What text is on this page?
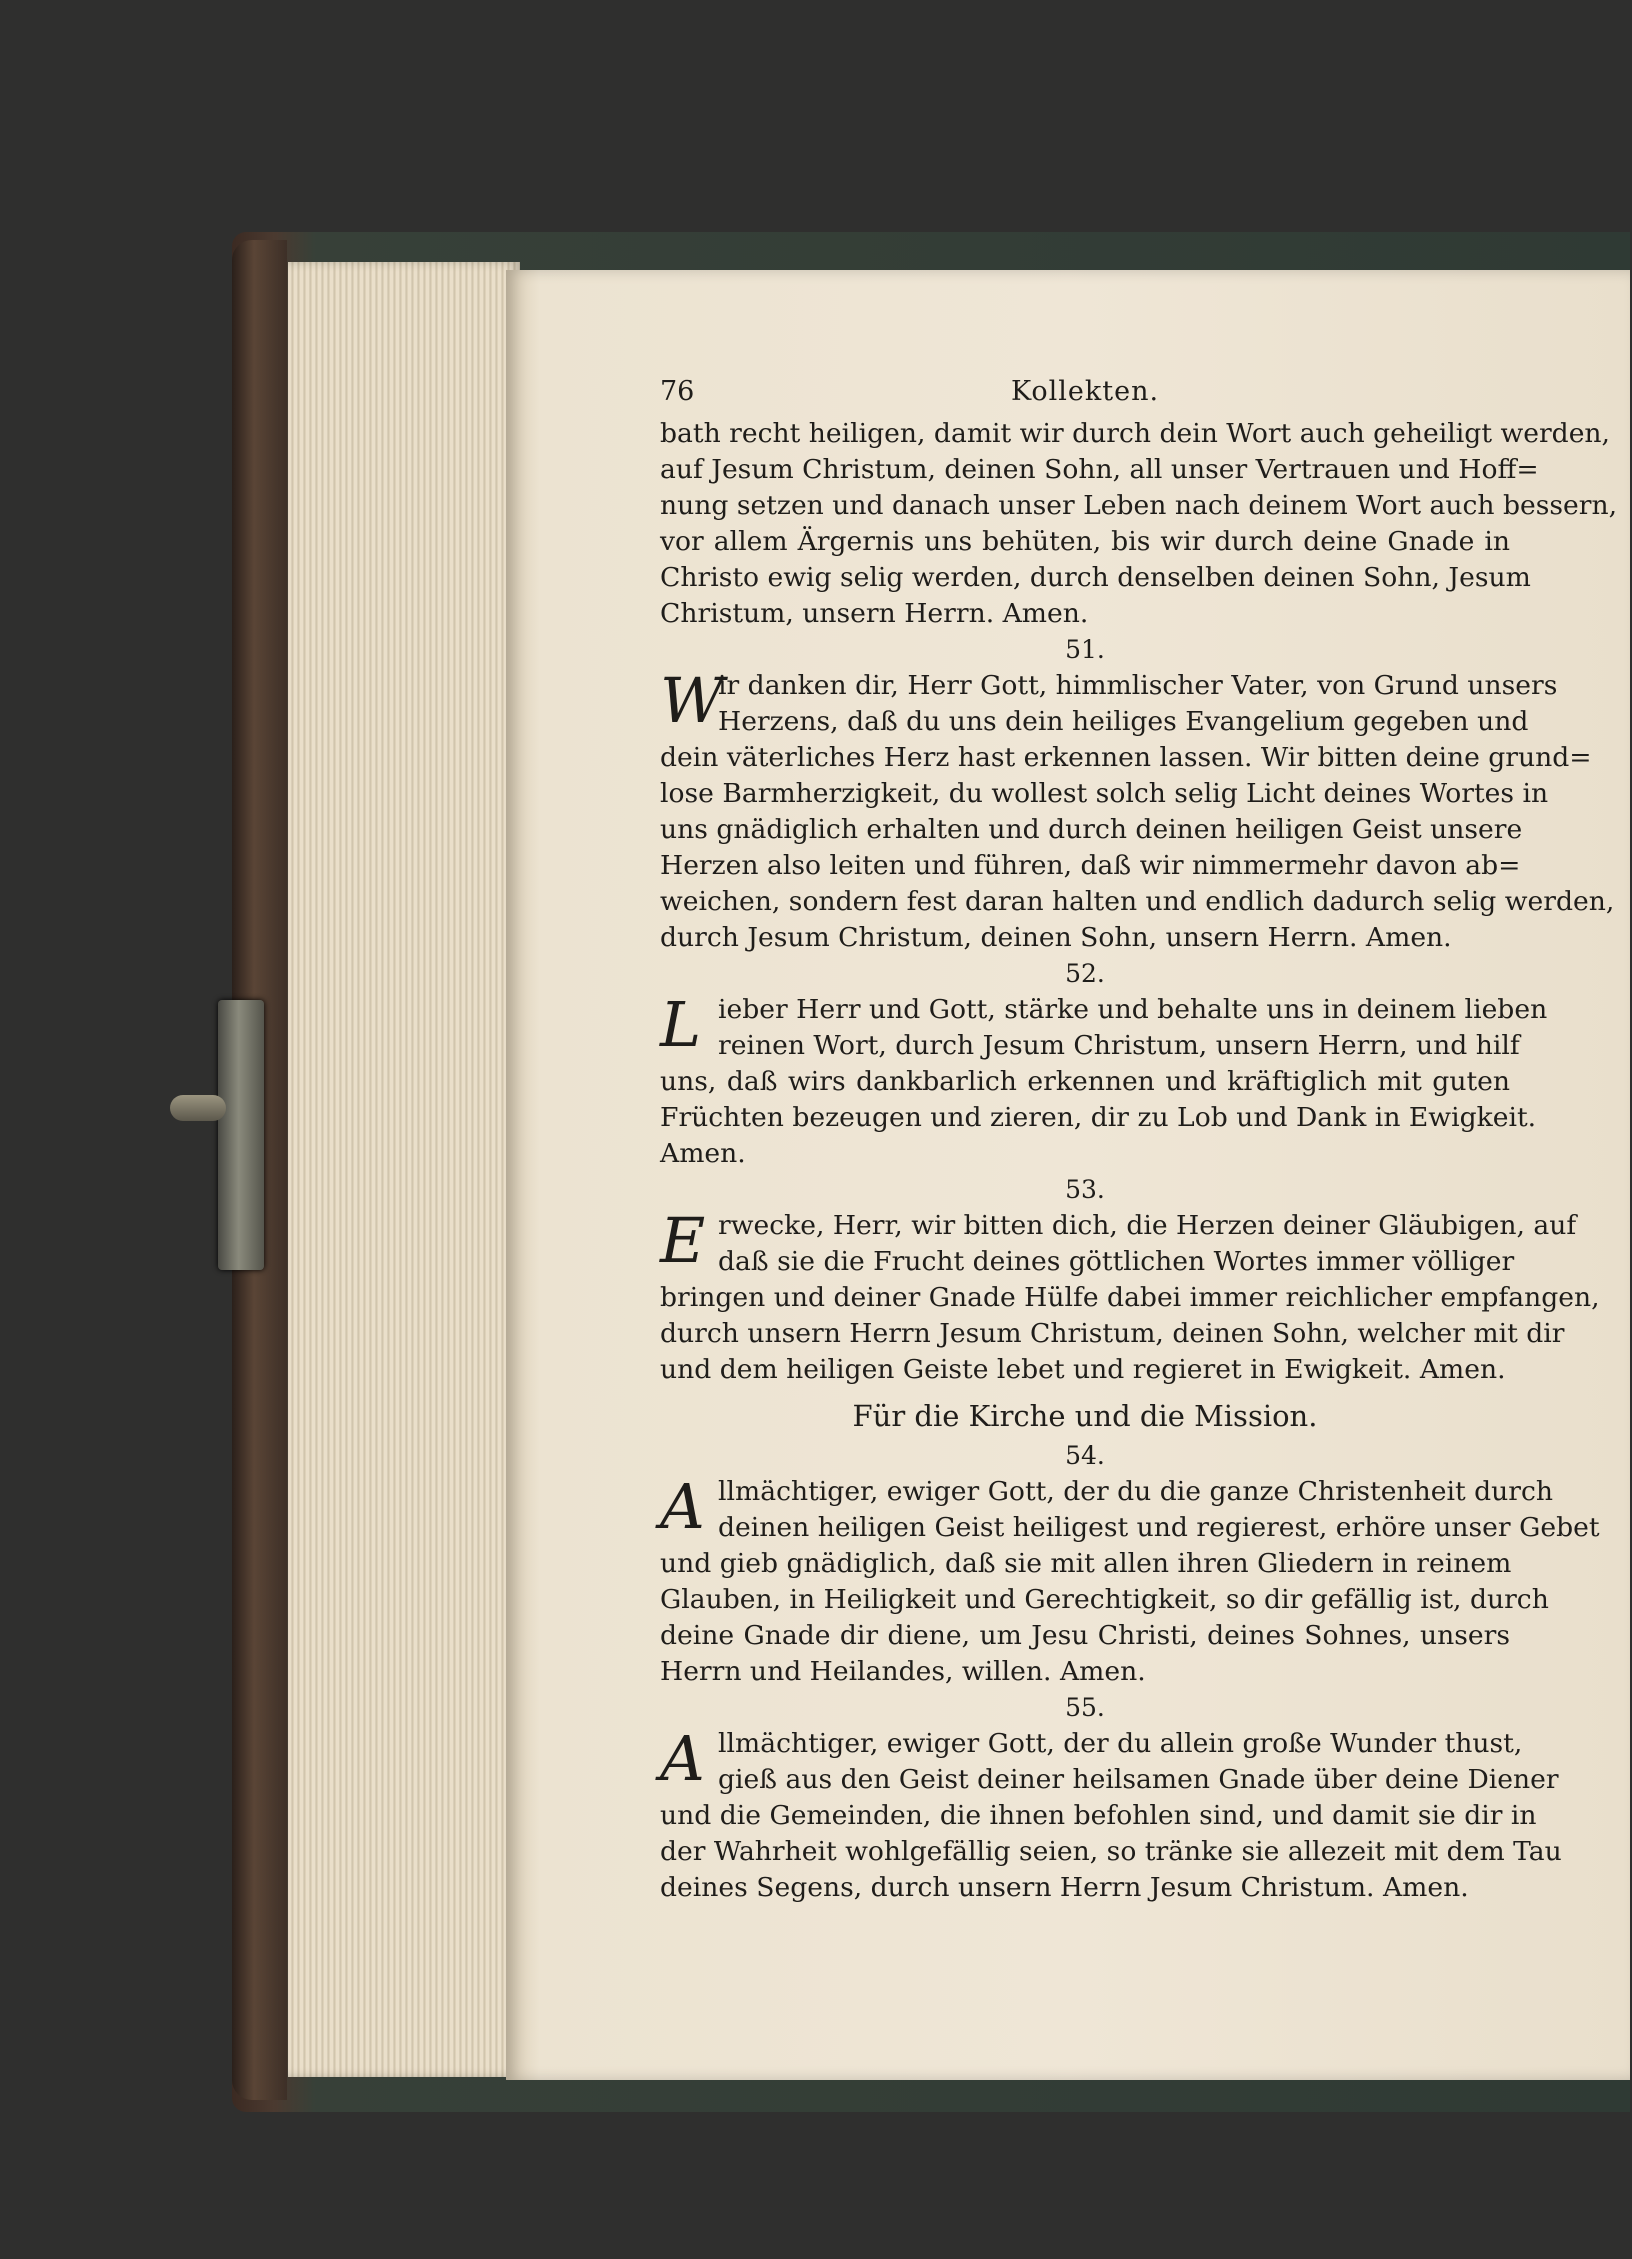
76	Kollekten.
bath recht heiligen, damit wir durch dein Wort auch geheiligt werden,
auf Jesum Christum, deinen Sohn, all unser Vertrauen und Hoff=
nung setzen und danach unser Leben nach deinem Wort auch bessern,
vor allem Ärgernis uns behüten, bis wir durch deine Gnade in
Christo ewig selig werden, durch denselben deinen Sohn, Jesum
Christum, unsern Herrn. Amen.
51.
W
ir danken dir, Herr Gott, himmlischer Vater, von Grund unsers
Herzens, daß du uns dein heiliges Evangelium gegeben und
dein väterliches Herz hast erkennen lassen. Wir bitten deine grund=
lose Barmherzigkeit, du wollest solch selig Licht deines Wortes in
uns gnädiglich erhalten und durch deinen heiligen Geist unsere
Herzen also leiten und führen, daß wir nimmermehr davon ab=
weichen, sondern fest daran halten und endlich dadurch selig werden,
durch Jesum Christum, deinen Sohn, unsern Herrn. Amen.
52.
L ieber Herr und Gott, stärke und behalte uns in deinem lieben
reinen Wort, durch Jesum Christum, unsern Herrn, und hilf
uns, daß wirs dankbarlich erkennen und kräftiglich mit guten
Früchten bezeugen und zieren, dir zu Lob und Dank in Ewigkeit.
Amen.
53.
E rwecke, Herr, wir bitten dich, die Herzen deiner Gläubigen, auf
daß sie die Frucht deines göttlichen Wortes immer völliger
bringen und deiner Gnade Hülfe dabei immer reichlicher empfangen,
durch unsern Herrn Jesum Christum, deinen Sohn, welcher mit dir
und dem heiligen Geiste lebet und regieret in Ewigkeit. Amen.
Für die Kirche und die Mission.
54.
A llmächtiger, ewiger Gott, der du die ganze Christenheit durch
deinen heiligen Geist heiligest und regierest, erhöre unser Gebet
und gieb gnädiglich, daß sie mit allen ihren Gliedern in reinem
Glauben, in Heiligkeit und Gerechtigkeit, so dir gefällig ist, durch
deine Gnade dir diene, um Jesu Christi, deines Sohnes, unsers
Herrn und Heilandes, willen. Amen.
55.
A llmächtiger, ewiger Gott, der du allein große Wunder thust,
gieß aus den Geist deiner heilsamen Gnade über deine Diener
und die Gemeinden, die ihnen befohlen sind, und damit sie dir in
der Wahrheit wohlgefällig seien, so tränke sie allezeit mit dem Tau
deines Segens, durch unsern Herrn Jesum Christum. Amen.
